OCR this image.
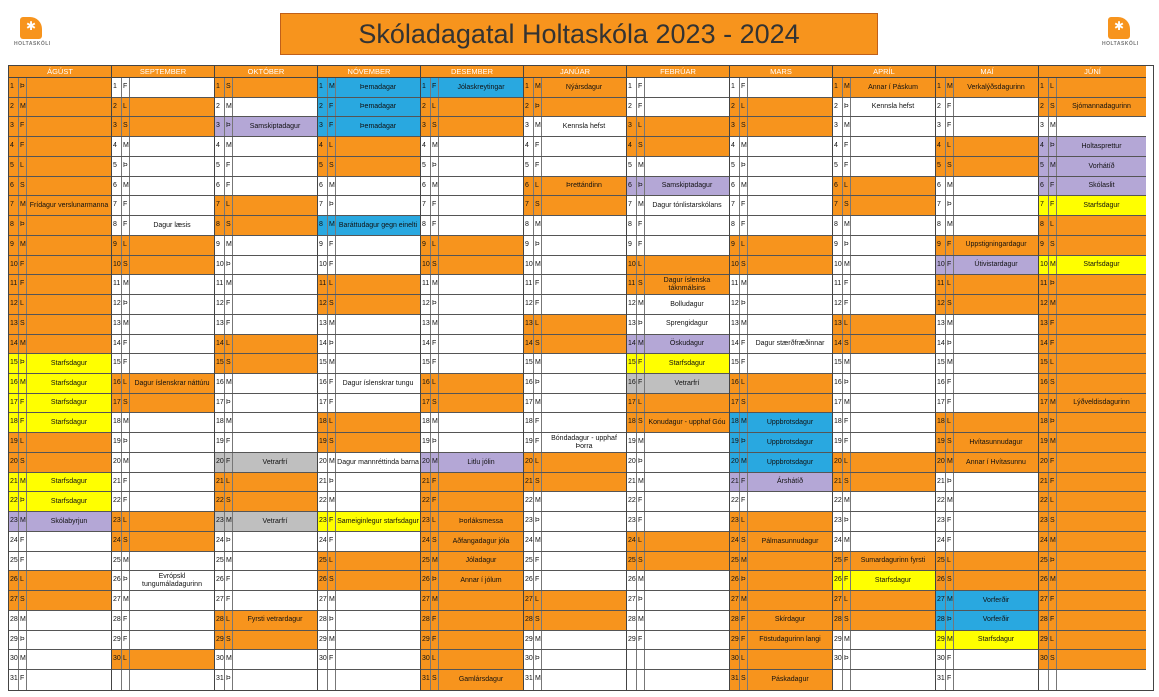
✱
HOLTASKÓLI
✱	HOLTASKÓLI
Skóladagatal Holtaskóla 2023 - 2024
ÁGÚST
1 Þ
2 M
3 F
4 F
5 L
6 S
7 M Frídagur verslunarmanna
8 Þ
9 M
10 F
11 F
12 L
13 S
14 M
15 Þ	Starfsdagur
16 M	Starfsdagur
17 F	Starfsdagur
18 F	Starfsdagur
19 L
20 S
21 M	Starfsdagur
22 Þ	Starfsdagur
23 M	Skólabyrjun
24 F
25 F
26 L
27 S
28 M
29 Þ
30 M
31 F
SEPTEMBER
1 F
2 L
3 S
4 M
5 Þ
6 M
7 F
8 F	Dagur læsis
9 L
10 S
11 M
12 Þ
13 M
14 F
15 F
16 L	Dagur íslenskrar náttúru
17 S
18 M
19 Þ
20 M
21 F
22 F
23 L
24 S
25 M
26 Þ	Evrópskl tungumáladagurinn
27 M
28 F
29 F
30 L
OKTÓBER
1 S
2 M
3 Þ	Samskiptadagur
4 M
5 F
6 F
7 L
8 S
9 M
10 Þ
11 M
12 F
13 F
14 L
15 S
16 M
17 Þ
18 M
19 F
20 F	Vetrarfrí
21 L
22 S
23 M	Vetrarfrí
24 Þ
25 M
26 F
27 F
28 L	Fyrsti vetrardagur
29 S
30 M
31 Þ
NÓVEMBER
1 M	Þemadagar
2 F	Þemadagar
3 F	Þemadagar
4 L
5 S
6 M
7 Þ
8 M Baráttudagur gegn einelti
9 F
10 F
11 L
12 S
13 M
14 Þ
15 M
16 F	Dagur íslenskrar tungu
17 F
18 L
19 S
20 M Dagur mannréttinda barna
21 Þ
22 M
23 F Sameiginlegur starfsdagur
24 F
25 L
26 S
27 M
28 Þ
29 M
30 F
DESEMBER
1 F	Jólaskreytingar
2 L
3 S
4 M
5 Þ
6 M
7 F
8 F
9 L
10 S
11 M
12 Þ
13 M
14 F
15 F
16 L
17 S
18 M
19 Þ
20 M	Litlu jólin
21 F
22 F
23 L	Þorláksmessa
24 S	Aðfangadagur jóla
25 M	Jóladagur
26 Þ	Annar í jólum
27 M
28 F
29 F
30 L
31 S	Gamlársdagur
JANÚAR
1 M	Nýársdagur
2 Þ
3 M	Kennsla hefst
4 F
5 F
6 L	Þrettándinn
7 S
8 M
9 Þ
10 M
11 F
12 F
13 L
14 S
15 M
16 Þ
17 M
18 F
19 F	Bóndadagur - upphaf Þorra
20 L
21 S
22 M
23 Þ
24 M
25 F
26 F
27 L
28 S
29 M
30 Þ
31 M
FEBRÚAR
1 F
2 F
3 L
4 S
5 M
6 Þ	Samskiptadagur
7 M	Dagur tónlistarskólans
8 F
9 F
10 L
11 S	Dagur íslenska táknmálsins
12 M	Bolludagur
13 Þ	Sprengidagur
14 M	Öskudagur
15 F	Starfsdagur
16 F	Vetrarfrí
17 L
18 S Konudagur - upphaf Góu
19 M
20 Þ
21 M
22 F
23 F
24 L
25 S
26 M
27 Þ
28 M
29 F
MARS
1 F
2 L
3 S
4 M
5 Þ
6 M
7 F
8 F
9 L
10 S
11 M
12 Þ
13 M
14 F	Dagur stærðfræðinnar
15 F
16 L
17 S
18 M	Uppbrotsdagur
19 Þ	Uppbrotsdagur
20 M	Uppbrotsdagur
21 F	Árshátíð
22 F
23 L
24 S	Pálmasunnudagur
25 M
26 Þ
27 M
28 F	Skírdagur
29 F	Föstudagurinn langi
30 L
31 S	Páskadagur
APRÍL
1 M	Annar í Páskum
2 Þ	Kennsla hefst
3 M
4 F
5 F
6 L
7 S
8 M
9 Þ
10 M
11 F
12 F
13 L
14 S
15 M
16 Þ
17 M
18 F
19 F
20 L
21 S
22 M
23 Þ
24 M
25 F	Sumardagurinn fyrsti
26 F	Starfsdagur
27 L
28 S
29 M
30 Þ
MAÍ
1 M	Verkalýðsdagurinn
2 F
3 F
4 L
5 S
6 M
7 Þ
8 M
9 F	Uppstigningardagur
10 F	Útivistardagur
11 L
12 S
13 M
14 Þ
15 M
16 F
17 F
18 L
19 S	Hvítasunnudagur
20 M	Annar í Hvítasunnu
21 Þ
22 M
23 F
24 F
25 L
26 S
27 M	Vorferðir
28 Þ	Vorferðir
29 M	Starfsdagur
30 F
31 F
JÚNÍ
1 L
2 S	Sjómannadagurinn
3 M
4 Þ	Holtasprettur
5 M	Vorhátíð
6 F	Skólaslit
7 F	Starfsdagur
8 L
9 S
10 M	Starfsdagur
11 Þ
12 M
13 F
14 F
15 L
16 S
17 M	Lýðveldisdagurinn
18 Þ
19 M
20 F
21 F
22 L
23 S
24 M
25 Þ
26 M
27 F
28 F
29 L
30 S
